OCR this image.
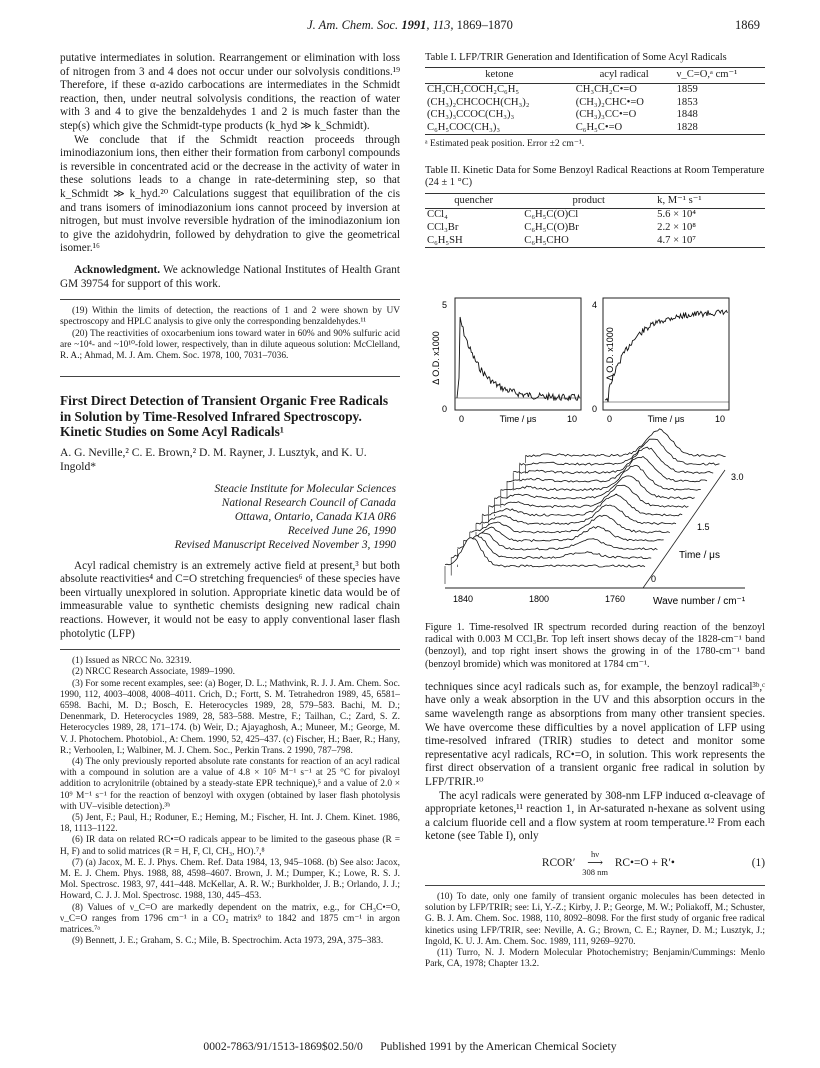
J. Am. Chem. Soc. 1991, 113, 1869–1870	1869

putative intermediates in solution. Rearrangement or elimination with loss of nitrogen from 3 and 4 does not occur under our solvolysis conditions.¹⁹ Therefore, if these α-azido carbocations are intermediates in the Schmidt reaction, then, under neutral solvolysis conditions, the reaction of water with 3 and 4 to give the benzaldehydes 1 and 2 is much faster than the step(s) which give the Schmidt-type products (k_hyd ≫ k_Schmidt).

We conclude that if the Schmidt reaction proceeds through iminodiazonium ions, then either their formation from carbonyl compounds is reversible in concentrated acid or the decrease in the activity of water in these solutions leads to a change in rate-determining step, so that k_Schmidt ≫ k_hyd.²⁰ Calculations suggest that equilibration of the cis and trans isomers of iminodiazonium ions cannot proceed by inversion at nitrogen, but must involve reversible hydration of the iminodiazonium ion to give the azidohydrin, followed by dehydration to give the geometrical isomer.¹⁶

Acknowledgment. We acknowledge National Institutes of Health Grant GM 39754 for support of this work.

(19) Within the limits of detection, the reactions of 1 and 2 were shown by UV spectroscopy and HPLC analysis to give only the corresponding benzaldehydes.¹¹

(20) The reactivities of oxocarbenium ions toward water in 60% and 90% sulfuric acid are ~10⁴- and ~10¹⁰-fold lower, respectively, than in dilute aqueous solution: McClelland, R. A.; Ahmad, M. J. Am. Chem. Soc. 1978, 100, 7031–7036.

First Direct Detection of Transient Organic Free Radicals in Solution by Time-Resolved Infrared Spectroscopy. Kinetic Studies on Some Acyl Radicals¹
A. G. Neville,² C. E. Brown,² D. M. Rayner, J. Lusztyk, and K. U. Ingold*
Steacie Institute for Molecular Sciences
National Research Council of Canada
Ottawa, Ontario, Canada K1A 0R6
Received June 26, 1990
Revised Manuscript Received November 3, 1990

Acyl radical chemistry is an extremely active field at present,³ but both absolute reactivities⁴ and C=O stretching frequencies⁶ of these species have been virtually unexplored in solution. Appropriate kinetic data would be of immeasurable value to synthetic chemists designing new radical chain reactions. However, it would not be easy to apply conventional laser flash photolytic (LFP)

(1) Issued as NRCC No. 32319.

(2) NRCC Research Associate, 1989–1990.

(3) For some recent examples, see: (a) Boger, D. L.; Mathvink, R. J. J. Am. Chem. Soc. 1990, 112, 4003–4008, 4008–4011. Crich, D.; Fortt, S. M. Tetrahedron 1989, 45, 6581–6598. Bachi, M. D.; Bosch, E. Heterocycles 1989, 28, 579–583. Bachi, M. D.; Denenmark, D. Heterocycles 1989, 28, 583–588. Mestre, F.; Tailhan, C.; Zard, S. Z. Heterocycles 1989, 28, 171–174. (b) Weir, D.; Ajayaghosh, A.; Muneer, M.; George, M. V. J. Photochem. Photobiol., A: Chem. 1990, 52, 425–437. (c) Fischer, H.; Baer, R.; Hany, R.; Verhoolen, I.; Walbiner, M. J. Chem. Soc., Perkin Trans. 2 1990, 787–798.

(4) The only previously reported absolute rate constants for reaction of an acyl radical with a compound in solution are a value of 4.8 × 10⁵ M⁻¹ s⁻¹ at 25 °C for pivaloyl addition to acrylonitrile (obtained by a steady-state EPR technique),⁵ and a value of 2.0 × 10⁹ M⁻¹ s⁻¹ for the reaction of benzoyl with oxygen (obtained by laser flash photolysis with UV–visible detection).³ᵇ

(5) Jent, F.; Paul, H.; Roduner, E.; Heming, M.; Fischer, H. Int. J. Chem. Kinet. 1986, 18, 1113–1122.

(6) IR data on related RC•=O radicals appear to be limited to the gaseous phase (R = H, F) and to solid matrices (R = H, F, Cl, CH₃, HO).⁷,⁸

(7) (a) Jacox, M. E. J. Phys. Chem. Ref. Data 1984, 13, 945–1068. (b) See also: Jacox, M. E. J. Chem. Phys. 1988, 88, 4598–4607. Brown, J. M.; Dumper, K.; Lowe, R. S. J. Mol. Spectrosc. 1983, 97, 441–448. McKellar, A. R. W.; Burkholder, J. B.; Orlando, J. J.; Howard, C. J. J. Mol. Spectrosc. 1988, 130, 445–453.

(8) Values of ν_C=O are markedly dependent on the matrix, e.g., for CH₃C•=O, ν_C=O ranges from 1796 cm⁻¹ in a CO₂ matrix⁹ to 1842 and 1875 cm⁻¹ in argon matrices.⁷ᵃ

(9) Bennett, J. E.; Graham, S. C.; Mile, B. Spectrochim. Acta 1973, 29A, 375–383.

Table I. LFP/TRIR Generation and Identification of Some Acyl Radicals
ketone	acyl radical	ν_C=O,ᵃ cm⁻¹
CH₃CH₂COCH₂C₆H₅	CH₃CH₂C•=O	1859
(CH₃)₂CHCOCH(CH₃)₂	(CH₃)₂CHC•=O	1853
(CH₃)₃CCOC(CH₃)₃	(CH₃)₃CC•=O	1848
C₆H₅COC(CH₃)₃	C₆H₅C•=O	1828
ᵃ Estimated peak position. Error ±2 cm⁻¹.
Table II. Kinetic Data for Some Benzoyl Radical Reactions at Room Temperature (24 ± 1 °C)
quencher	product	k, M⁻¹ s⁻¹
CCl₄	C₆H₅C(O)Cl	5.6 × 10⁴
CCl₃Br	C₆H₅C(O)Br	2.2 × 10⁸
C₆H₅SH	C₆H₅CHO	4.7 × 10⁷
5
0
Δ O.D. x1000
0	Time / μs	10
4
0
Δ O.D. x1000
0	Time / μs	10
1840	1800	1760	Wave number / cm⁻¹
3.0
1.5
0
Time / μs
Figure 1. Time-resolved IR spectrum recorded during reaction of the benzoyl radical with 0.003 M CCl₃Br. Top left insert shows decay of the 1828-cm⁻¹ band (benzoyl), and top right insert shows the growing in of the 1780-cm⁻¹ band (benzoyl bromide) which was monitored at 1784 cm⁻¹.

techniques since acyl radicals such as, for example, the benzoyl radical³ᵇ,ᶜ have only a weak absorption in the UV and this absorption occurs in the same wavelength range as absorptions from many other transient species. We have overcome these difficulties by a novel application of LFP using time-resolved infrared (TRIR) studies to detect and monitor some representative acyl radicals, RC•=O, in solution. This work represents the first direct observation of a transient organic free radical in solution by LFP/TRIR.¹⁰

The acyl radicals were generated by 308-nm LFP induced α-cleavage of appropriate ketones,¹¹ reaction 1, in Ar-saturated n-hexane as solvent using a calcium fluoride cell and a flow system at room temperature.¹² From each ketone (see Table I), only

RCOR′ hν
⟶
308 nm RC•=O + R′•	(1)

(10) To date, only one family of transient organic molecules has been detected in solution by LFP/TRIR; see: Li, Y.-Z.; Kirby, J. P.; George, M. W.; Poliakoff, M.; Schuster, G. B. J. Am. Chem. Soc. 1988, 110, 8092–8098. For the first study of organic free radical kinetics using LFP/TRIR, see: Neville, A. G.; Brown, C. E.; Rayner, D. M.; Lusztyk, J.; Ingold, K. U. J. Am. Chem. Soc. 1989, 111, 9269–9270.

(11) Turro, N. J. Modern Molecular Photochemistry; Benjamin/Cummings: Menlo Park, CA, 1978; Chapter 13.2.

0002-7863/91/1513-1869$02.50/0 Published 1991 by the American Chemical Society
